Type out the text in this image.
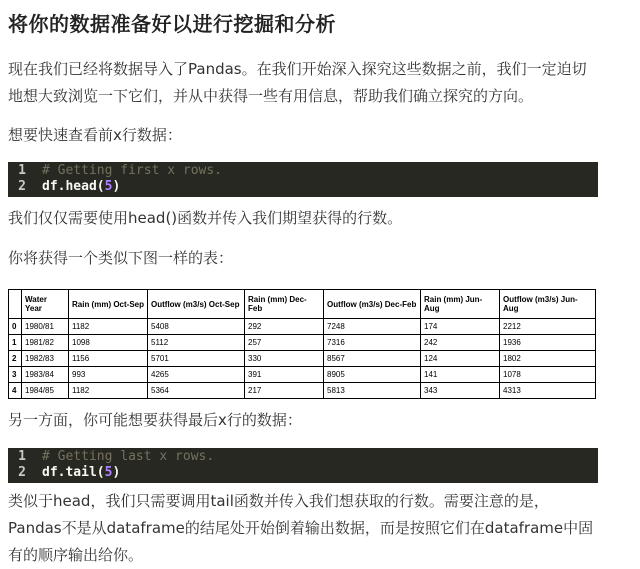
将你的数据准备好以进行挖掘和分析
现在我们已经将数据导入了Pandas。在我们开始深入探究这些数据之前，我们一定迫切
地想大致浏览一下它们，并从中获得一些有用信息，帮助我们确立探究的方向。
想要快速查看前x行数据：
1	# Getting first x rows.
2	df.head(5)
我们仅仅需要使用head()函数并传入我们期望获得的行数。
你将获得一个类似下图一样的表：
	Water Year	Rain (mm) Oct-Sep	Outflow (m3/s) Oct-Sep	Rain (mm) Dec-Feb	Outflow (m3/s) Dec-Feb	Rain (mm) Jun-Aug	Outflow (m3/s) Jun-Aug
0	1980/81	1182	5408	292	7248	174	2212
1	1981/82	1098	5112	257	7316	242	1936
2	1982/83	1156	5701	330	8567	124	1802
3	1983/84	993	4265	391	8905	141	1078
4	1984/85	1182	5364	217	5813	343	4313
另一方面，你可能想要获得最后x行的数据：
1	# Getting last x rows.
2	df.tail(5)
类似于head，我们只需要调用tail函数并传入我们想获取的行数。需要注意的是，
Pandas不是从dataframe的结尾处开始倒着输出数据，而是按照它们在dataframe中固
有的顺序输出给你。
